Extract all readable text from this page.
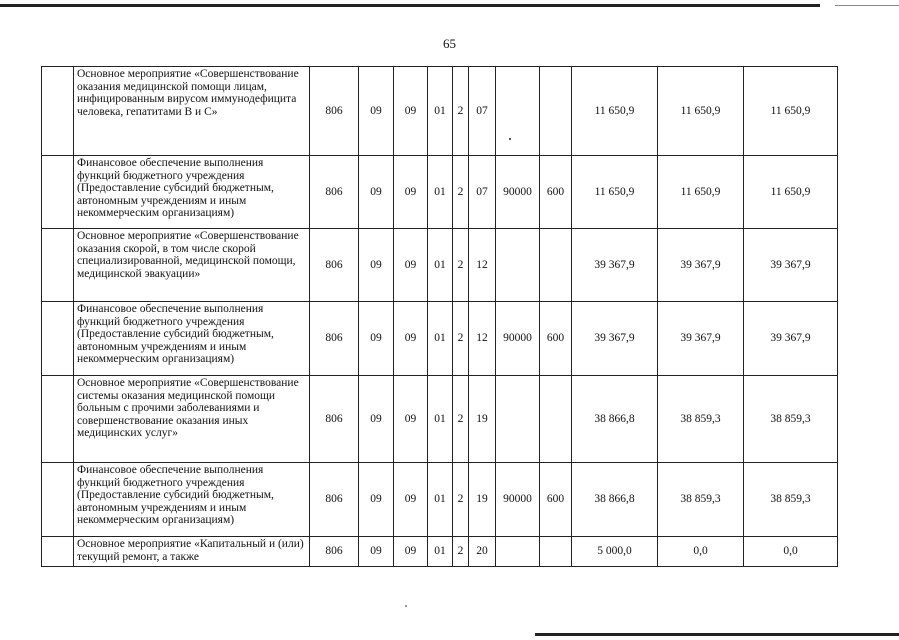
65
	Основное мероприятие «Совершенствование оказания медицинской помощи лицам, инфицированным вирусом иммунодефицита человека, гепатитами В и С»	806	09	09	01	2	07			11 650,9	11 650,9	11 650,9
	Финансовое обеспечение выполнения функций бюджетного учреждения (Предоставление субсидий бюджетным, автономным учреждениям и иным некоммерческим организациям)	806	09	09	01	2	07	90000	600	11 650,9	11 650,9	11 650,9
	Основное мероприятие «Совершенствование оказания скорой, в том числе скорой специализированной, медицинской помощи, медицинской эвакуации»	806	09	09	01	2	12			39 367,9	39 367,9	39 367,9
	Финансовое обеспечение выполнения функций бюджетного учреждения (Предоставление субсидий бюджетным, автономным учреждениям и иным некоммерческим организациям)	806	09	09	01	2	12	90000	600	39 367,9	39 367,9	39 367,9
	Основное мероприятие «Совершенствование системы оказания медицинской помощи больным с прочими заболеваниями и совершенствование оказания иных медицинских услуг»	806	09	09	01	2	19			38 866,8	38 859,3	38 859,3
	Финансовое обеспечение выполнения функций бюджетного учреждения (Предоставление субсидий бюджетным, автономным учреждениям и иным некоммерческим организациям)	806	09	09	01	2	19	90000	600	38 866,8	38 859,3	38 859,3
	Основное мероприятие «Капитальный и (или) текущий ремонт, а также	806	09	09	01	2	20			5 000,0	0,0	0,0
